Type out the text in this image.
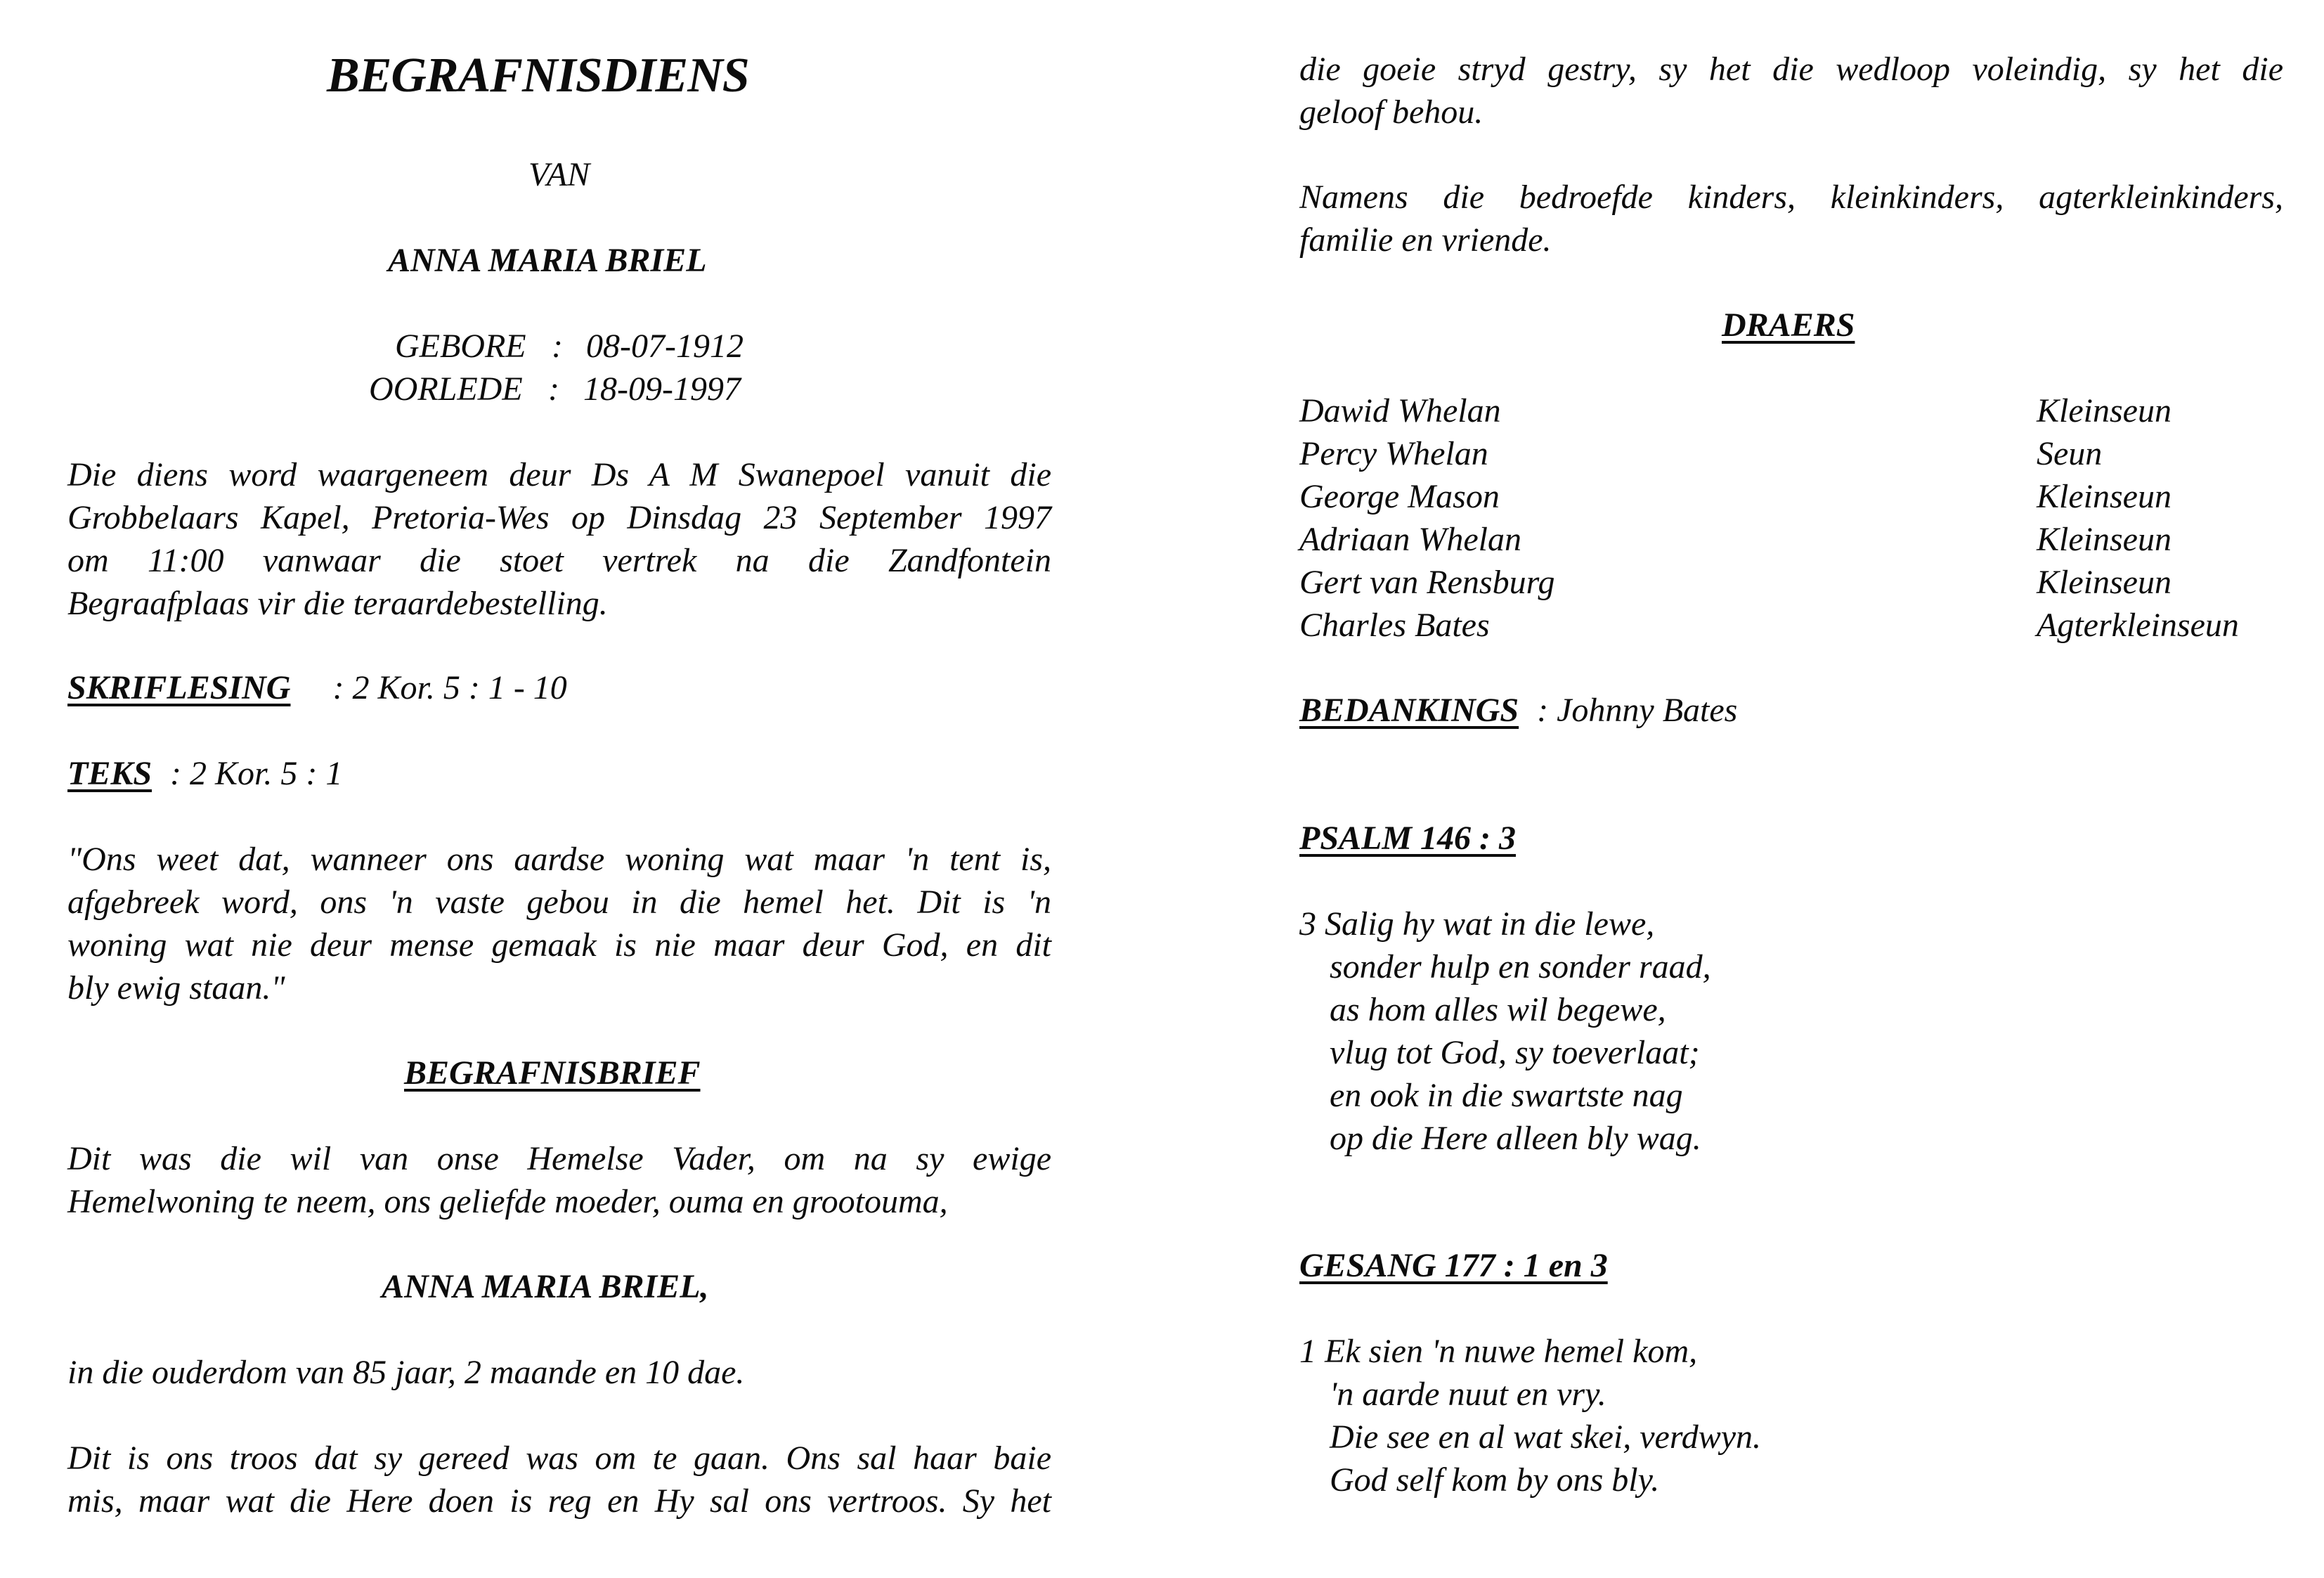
BEGRAFNISDIENS
VAN
ANNA MARIA BRIEL
GEBORE : 08-07-1912
OORLEDE : 18-09-1997
Die diens word waargeneem deur Ds A M Swanepoel vanuit die
Grobbelaars Kapel, Pretoria-Wes op Dinsdag 23 September 1997
om 11:00 vanwaar die stoet vertrek na die Zandfontein
Begraafplaas vir die teraardebestelling.
SKRIFLESING : 2 Kor. 5 : 1 - 10
TEKS : 2 Kor. 5 : 1
"Ons weet dat, wanneer ons aardse woning wat maar 'n tent is,
afgebreek word, ons 'n vaste gebou in die hemel het. Dit is 'n
woning wat nie deur mense gemaak is nie maar deur God, en dit
bly ewig staan."
BEGRAFNISBRIEF
Dit was die wil van onse Hemelse Vader, om na sy ewige
Hemelwoning te neem, ons geliefde moeder, ouma en grootouma,
ANNA MARIA BRIEL,
in die ouderdom van 85 jaar, 2 maande en 10 dae.
Dit is ons troos dat sy gereed was om te gaan. Ons sal haar baie
mis, maar wat die Here doen is reg en Hy sal ons vertroos. Sy het
die goeie stryd gestry, sy het die wedloop voleindig, sy het die
geloof behou.
Namens die bedroefde kinders, kleinkinders, agterkleinkinders,
familie en vriende.
DRAERS
Dawid Whelan	Kleinseun
Percy Whelan	Seun
George Mason	Kleinseun
Adriaan Whelan	Kleinseun
Gert van Rensburg	Kleinseun
Charles Bates	Agterkleinseun
BEDANKINGS : Johnny Bates
PSALM 146 : 3
3 Salig hy wat in die lewe,
sonder hulp en sonder raad,
as hom alles wil begewe,
vlug tot God, sy toeverlaat;
en ook in die swartste nag
op die Here alleen bly wag.
GESANG 177 : 1 en 3
1 Ek sien 'n nuwe hemel kom,
'n aarde nuut en vry.
Die see en al wat skei, verdwyn.
God self kom by ons bly.
